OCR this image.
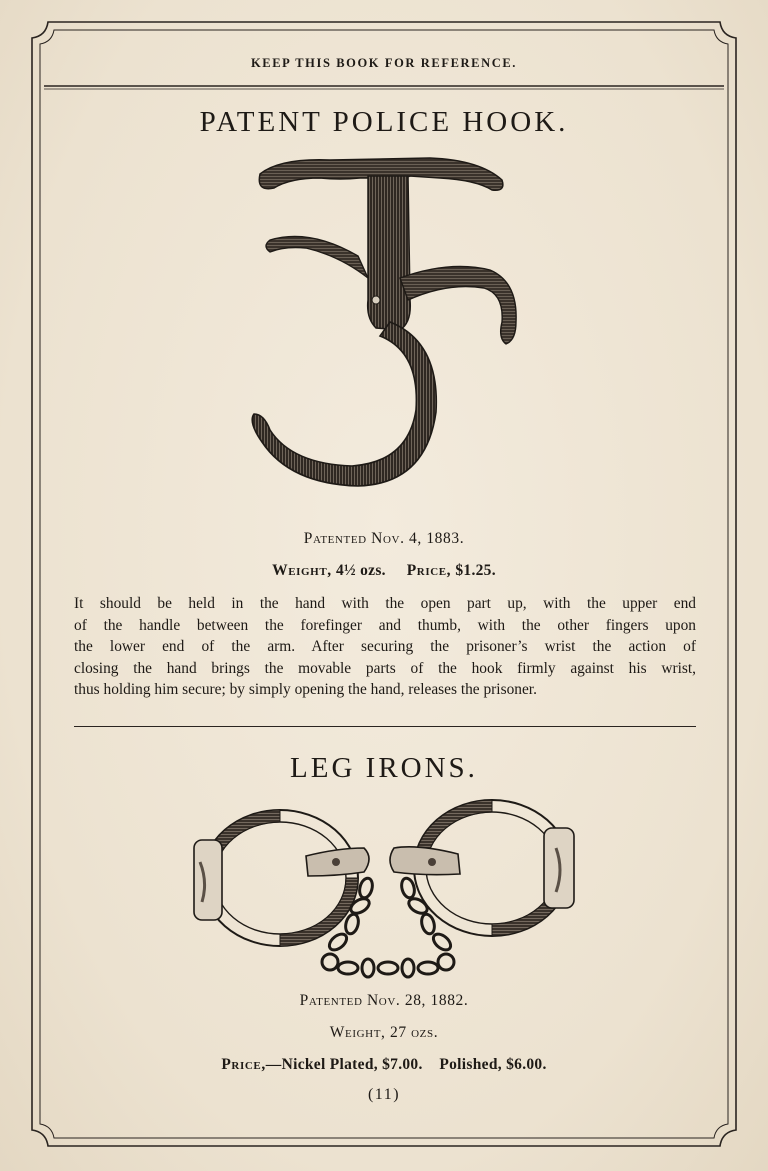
KEEP THIS BOOK FOR REFERENCE.
PATENT POLICE HOOK.
Patented Nov. 4, 1883.
Weight, 4½ ozs. Price, $1.25.
It should be held in the hand with the open part up, with the upper end
of the handle between the forefinger and thumb, with the other fingers upon
the lower end of the arm. After securing the prisoner’s wrist the action of
closing the hand brings the movable parts of the hook firmly against his wrist,
thus holding him secure; by simply opening the hand, releases the prisoner.
LEG IRONS.
Patented Nov. 28, 1882.
Weight, 27 ozs.
Price,—Nickel Plated, $7.00. Polished, $6.00.
(11)
